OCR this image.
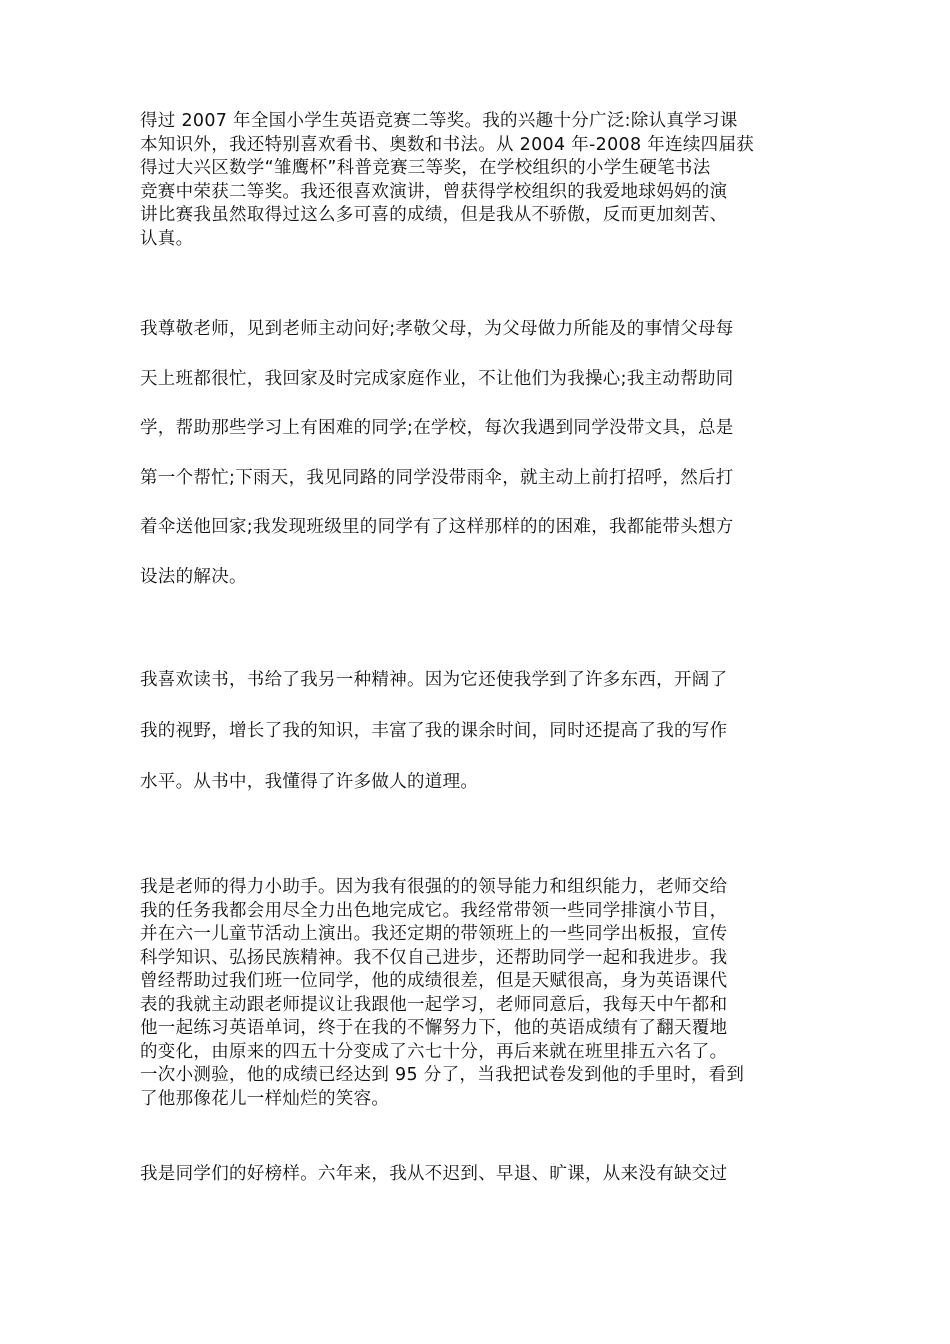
得过 2007 年全国小学生英语竞赛二等奖。我的兴趣十分广泛:除认真学习课
本知识外，我还特别喜欢看书、奥数和书法。从 2004 年-2008 年连续四届获
得过大兴区数学“雏鹰杯”科普竞赛三等奖，在学校组织的小学生硬笔书法
竞赛中荣获二等奖。我还很喜欢演讲，曾获得学校组织的我爱地球妈妈的演
讲比赛我虽然取得过这么多可喜的成绩，但是我从不骄傲，反而更加刻苦、
认真。
我尊敬老师，见到老师主动问好;孝敬父母，为父母做力所能及的事情父母每
天上班都很忙，我回家及时完成家庭作业，不让他们为我操心;我主动帮助同
学，帮助那些学习上有困难的同学;在学校，每次我遇到同学没带文具，总是
第一个帮忙;下雨天，我见同路的同学没带雨伞，就主动上前打招呼，然后打
着伞送他回家;我发现班级里的同学有了这样那样的的困难，我都能带头想方
设法的解决。
我喜欢读书，书给了我另一种精神。因为它还使我学到了许多东西，开阔了
我的视野，增长了我的知识，丰富了我的课余时间，同时还提高了我的写作
水平。从书中，我懂得了许多做人的道理。
我是老师的得力小助手。因为我有很强的的领导能力和组织能力，老师交给
我的任务我都会用尽全力出色地完成它。我经常带领一些同学排演小节目，
并在六一儿童节活动上演出。我还定期的带领班上的一些同学出板报，宣传
科学知识、弘扬民族精神。我不仅自己进步，还帮助同学一起和我进步。我
曾经帮助过我们班一位同学，他的成绩很差，但是天赋很高，身为英语课代
表的我就主动跟老师提议让我跟他一起学习，老师同意后，我每天中午都和
他一起练习英语单词，终于在我的不懈努力下，他的英语成绩有了翻天覆地
的变化，由原来的四五十分变成了六七十分，再后来就在班里排五六名了。
一次小测验，他的成绩已经达到 95 分了，当我把试卷发到他的手里时，看到
了他那像花儿一样灿烂的笑容。
我是同学们的好榜样。六年来，我从不迟到、早退、旷课，从来没有缺交过
